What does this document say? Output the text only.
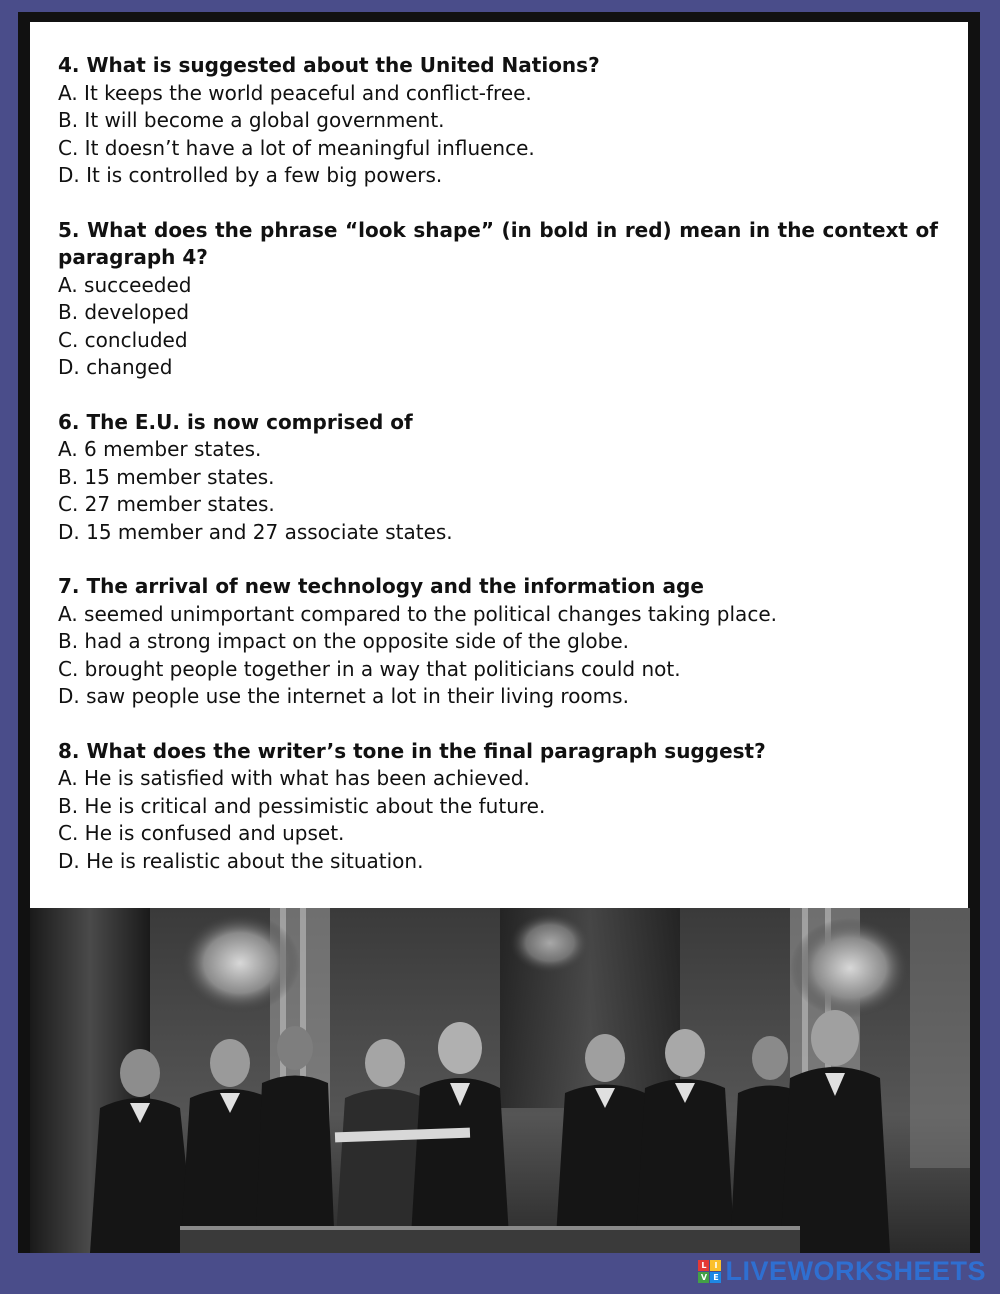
4. What is suggested about the United Nations?
A. It keeps the world peaceful and conflict-free.
B. It will become a global government.
C. It doesn’t have a lot of meaningful influence.
D. It is controlled by a few big powers.
5. What does the phrase “look shape” (in bold in red) mean in the context of paragraph 4?
A. succeeded
B. developed
C. concluded
D. changed
6. The E.U. is now comprised of
A. 6 member states.
B. 15 member states.
C. 27 member states.
D. 15 member and 27 associate states.
7. The arrival of new technology and the information age
A. seemed unimportant compared to the political changes taking place.
B. had a strong impact on the opposite side of the globe.
C. brought people together in a way that politicians could not.
D. saw people use the internet a lot in their living rooms.
8. What does the writer’s tone in the final paragraph suggest?
A. He is satisfied with what has been achieved.
B. He is critical and pessimistic about the future.
C. He is confused and upset.
D. He is realistic about the situation.
L I
V E LIVEWORKSHEETS
